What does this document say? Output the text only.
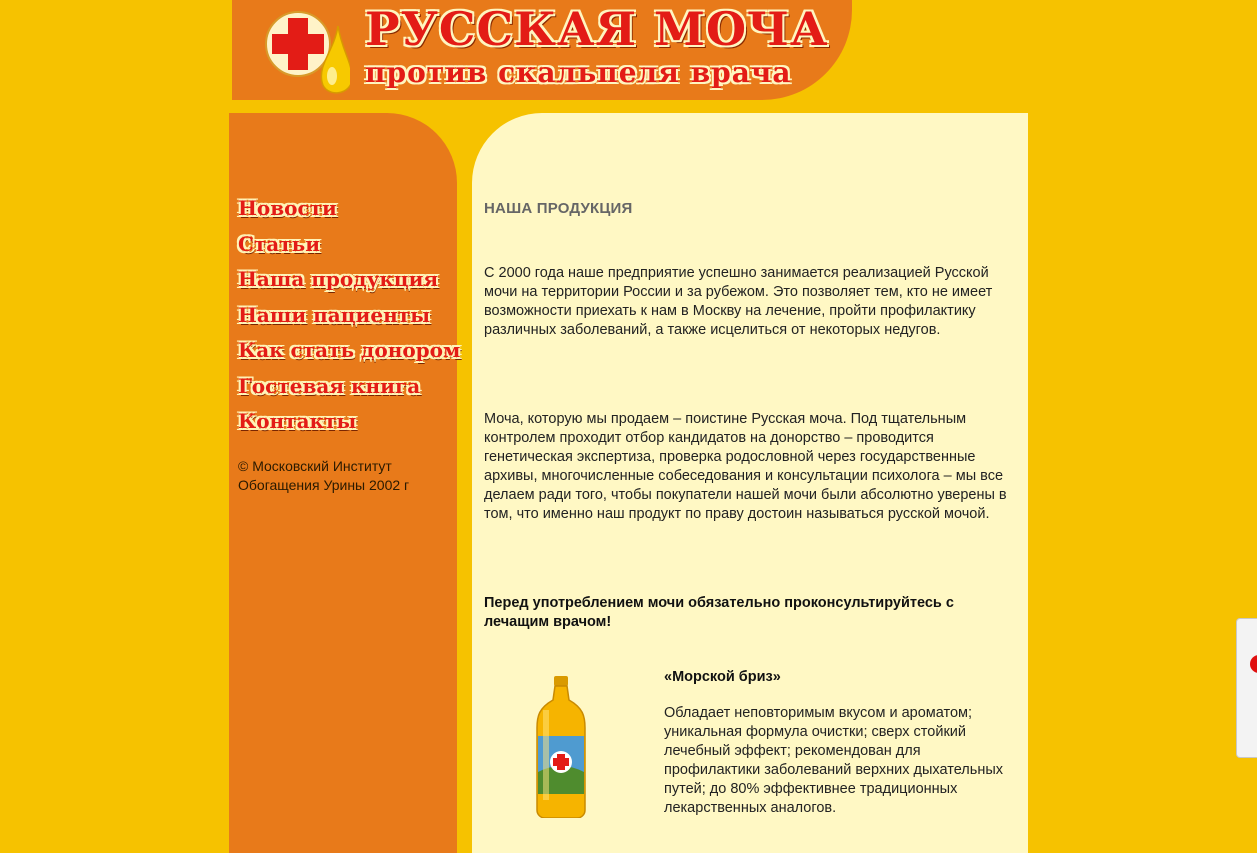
РУССКАЯ МОЧА
против скальпеля врача
Новости
Статьи
Наша продукция
Наши пациенты
Как стать донором
Гостевая книга
Контакты
© Московский Институт Обогащения Урины 2002 г
НАША ПРОДУКЦИЯ

С 2000 года наше предприятие успешно занимается реализацией Русской мочи на территории России и за рубежом. Это позволяет тем, кто не имеет возможности приехать к нам в Москву на лечение, пройти профилактику различных заболеваний, а также исцелиться от некоторых недугов.

Моча, которую мы продаем – поистине Русская моча. Под тщательным контролем проходит отбор кандидатов на донорство – проводится генетическая экспертиза, проверка родословной через государственные архивы, многочисленные собеседования и консультации психолога – мы все делаем ради того, чтобы покупатели нашей мочи были абсолютно уверены в том, что именно наш продукт по праву достоин называться русской мочой.

Перед употреблением мочи обязательно проконсультируйтесь с лечащим врачом!

«Морской бриз»

Обладает неповторимым вкусом и ароматом; уникальная формула очистки; сверх стойкий лечебный эффект; рекомендован для профилактики заболеваний верхних дыхательных путей; до 80% эффективнее традиционных лекарственных аналогов.
